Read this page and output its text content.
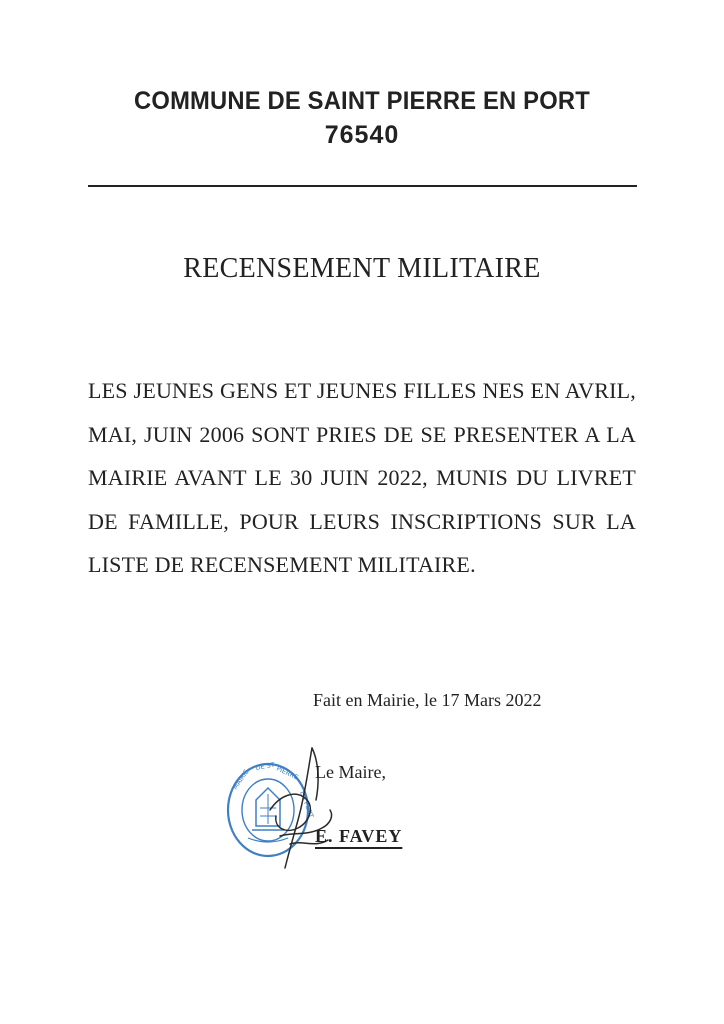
COMMUNE DE SAINT PIERRE EN PORT
76540
RECENSEMENT MILITAIRE
LES JEUNES GENS ET JEUNES FILLES NES EN AVRIL, MAI, JUIN 2006 SONT PRIES DE SE PRESENTER A LA MAIRIE AVANT LE 30 JUIN 2022, MUNIS DU LIVRET DE FAMILLE, POUR LEURS INSCRIPTIONS SUR LA LISTE DE RECENSEMENT MILITAIRE.
Fait en Mairie, le 17 Mars 2022
MAIRIE
DE ST PIERRE
EN PORT
Le Maire,
E. FAVEY
